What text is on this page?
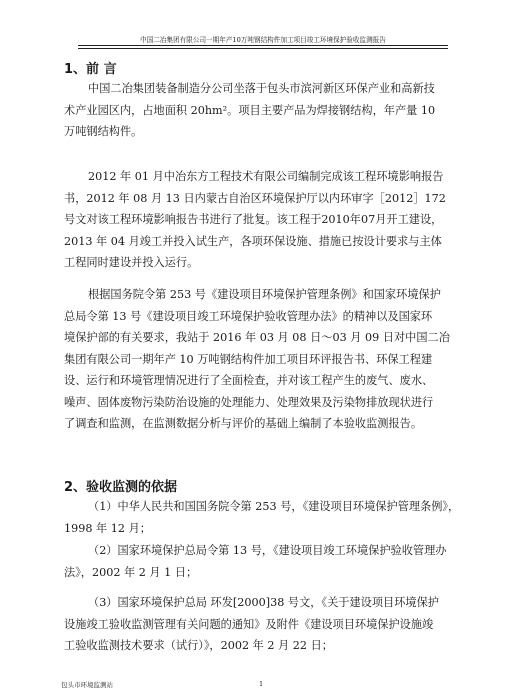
中国二冶集团有限公司一期年产10万吨钢结构件加工项目竣工环境保护验收监测报告
1、前 言
中国二冶集团装备制造分公司坐落于包头市滨河新区环保产业和高新技
术产业园区内，占地面积 20hm²。项目主要产品为焊接钢结构，年产量 10
万吨钢结构件。
2012 年 01 月中冶东方工程技术有限公司编制完成该工程环境影响报告
书，2012 年 08 月 13 日内蒙古自治区环境保护厅以内环审字［2012］172
号文对该工程环境影响报告书进行了批复。该工程于2010年07月开工建设，
2013 年 04 月竣工并投入试生产，各项环保设施、措施已按设计要求与主体
工程同时建设并投入运行。
根据国务院令第 253 号《建设项目环境保护管理条例》和国家环境保护
总局令第 13 号《建设项目竣工环境保护验收管理办法》的精神以及国家环
境保护部的有关要求，我站于 2016 年 03 月 08 日～03 月 09 日对中国二冶
集团有限公司一期年产 10 万吨钢结构件加工项目环评报告书、环保工程建
设、运行和环境管理情况进行了全面检查，并对该工程产生的废气、废水、
噪声、固体废物污染防治设施的处理能力、处理效果及污染物排放现状进行
了调查和监测，在监测数据分析与评价的基础上编制了本验收监测报告。
2、验收监测的依据
（1）中华人民共和国国务院令第 253 号，《建设项目环境保护管理条例》，
1998 年 12 月；
（2）国家环境保护总局令第 13 号，《建设项目竣工环境保护验收管理办
法》，2002 年 2 月 1 日；
（3）国家环境保护总局 环发[2000]38 号文，《关于建设项目环境保护
设施竣工验收监测管理有关问题的通知》及附件《建设项目环境保护设施竣
工验收监测技术要求（试行）》，2002 年 2 月 22 日；
包头市环境监测站	1
